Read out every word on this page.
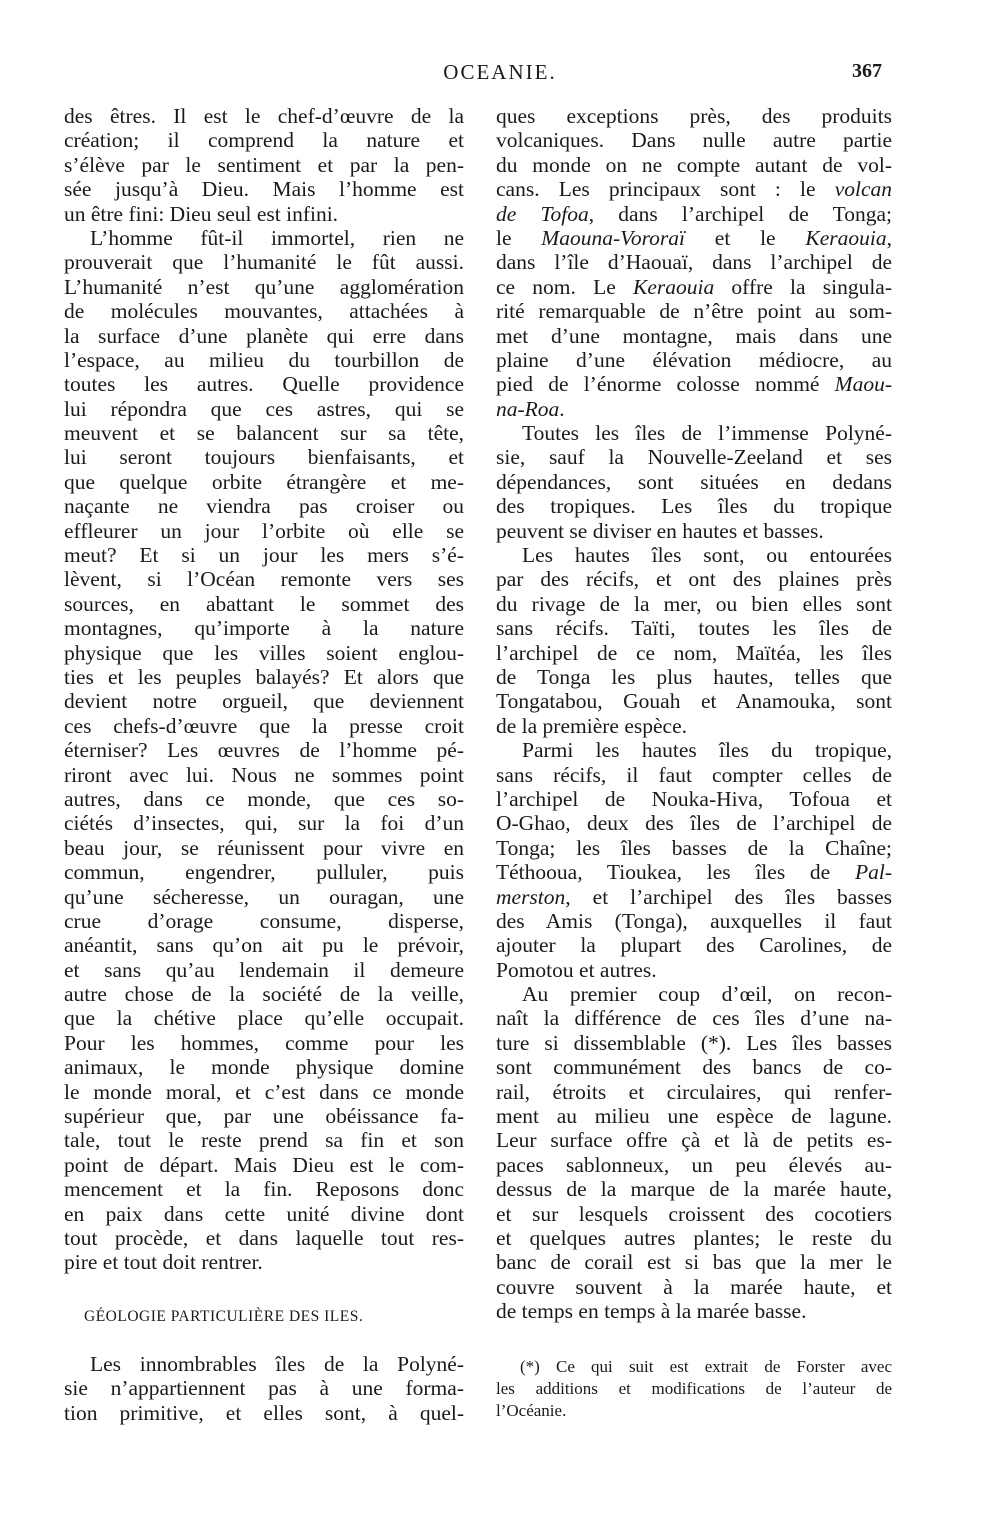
OCEANIE.	367
des êtres. Il est le chef-d’œuvre de la
création; il comprend la nature et
s’élève par le sentiment et par la pen-
sée jusqu’à Dieu. Mais l’homme est
un être fini: Dieu seul est infini.
L’homme fût-il immortel, rien ne
prouverait que l’humanité le fût aussi.
L’humanité n’est qu’une agglomération
de molécules mouvantes, attachées à
la surface d’une planète qui erre dans
l’espace, au milieu du tourbillon de
toutes les autres. Quelle providence
lui répondra que ces astres, qui se
meuvent et se balancent sur sa tête,
lui seront toujours bienfaisants, et
que quelque orbite étrangère et me-
naçante ne viendra pas croiser ou
effleurer un jour l’orbite où elle se
meut? Et si un jour les mers s’é-
lèvent, si l’Océan remonte vers ses
sources, en abattant le sommet des
montagnes, qu’importe à la nature
physique que les villes soient englou-
ties et les peuples balayés? Et alors que
devient notre orgueil, que deviennent
ces chefs-d’œuvre que la presse croit
éterniser? Les œuvres de l’homme pé-
riront avec lui. Nous ne sommes point
autres, dans ce monde, que ces so-
ciétés d’insectes, qui, sur la foi d’un
beau jour, se réunissent pour vivre en
commun, engendrer, pulluler, puis
qu’une sécheresse, un ouragan, une
crue d’orage consume, disperse,
anéantit, sans qu’on ait pu le prévoir,
et sans qu’au lendemain il demeure
autre chose de la société de la veille,
que la chétive place qu’elle occupait.
Pour les hommes, comme pour les
animaux, le monde physique domine
le monde moral, et c’est dans ce monde
supérieur que, par une obéissance fa-
tale, tout le reste prend sa fin et son
point de départ. Mais Dieu est le com-
mencement et la fin. Reposons donc
en paix dans cette unité divine dont
tout procède, et dans laquelle tout res-
pire et tout doit rentrer.
GÉOLOGIE PARTICULIÈRE DES ILES.
Les innombrables îles de la Polyné-
sie n’appartiennent pas à une forma-
tion primitive, et elles sont, à quel-
ques exceptions près, des produits
volcaniques. Dans nulle autre partie
du monde on ne compte autant de vol-
cans. Les principaux sont : le volcan
de Tofoa, dans l’archipel de Tonga;
le Maouna-Vororaï et le Keraouia,
dans l’île d’Haouaï, dans l’archipel de
ce nom. Le Keraouia offre la singula-
rité remarquable de n’être point au som-
met d’une montagne, mais dans une
plaine d’une élévation médiocre, au
pied de l’énorme colosse nommé Maou-
na-Roa.
Toutes les îles de l’immense Polyné-
sie, sauf la Nouvelle-Zeeland et ses
dépendances, sont situées en dedans
des tropiques. Les îles du tropique
peuvent se diviser en hautes et basses.
Les hautes îles sont, ou entourées
par des récifs, et ont des plaines près
du rivage de la mer, ou bien elles sont
sans récifs. Taïti, toutes les îles de
l’archipel de ce nom, Maïtéa, les îles
de Tonga les plus hautes, telles que
Tongatabou, Gouah et Anamouka, sont
de la première espèce.
Parmi les hautes îles du tropique,
sans récifs, il faut compter celles de
l’archipel de Nouka-Hiva, Tofoua et
O-Ghao, deux des îles de l’archipel de
Tonga; les îles basses de la Chaîne;
Téthooua, Tioukea, les îles de Pal-
merston, et l’archipel des îles basses
des Amis (Tonga), auxquelles il faut
ajouter la plupart des Carolines, de
Pomotou et autres.
Au premier coup d’œil, on recon-
naît la différence de ces îles d’une na-
ture si dissemblable (*). Les îles basses
sont communément des bancs de co-
rail, étroits et circulaires, qui renfer-
ment au milieu une espèce de lagune.
Leur surface offre çà et là de petits es-
paces sablonneux, un peu élevés au-
dessus de la marque de la marée haute,
et sur lesquels croissent des cocotiers
et quelques autres plantes; le reste du
banc de corail est si bas que la mer le
couvre souvent à la marée haute, et
de temps en temps à la marée basse.
(*) Ce qui suit est extrait de Forster avec
les additions et modifications de l’auteur de
l’Océanie.
